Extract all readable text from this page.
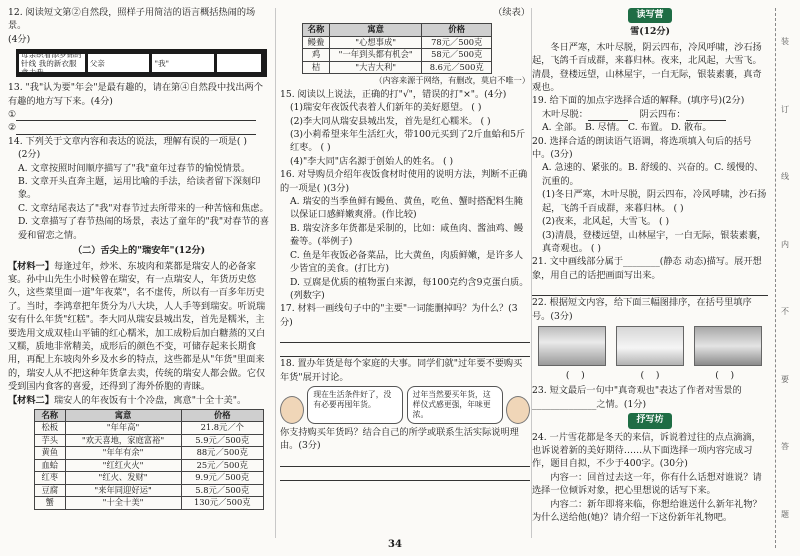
12. 阅读短文第②自然段，照样子用简洁的语言概括热闹的场景。

(4分)

母亲织着添岁锦的针线 我的新衣服拿去我
父亲	"我"

13. "我"认为要"年会"是最有趣的，请在第④自然段中找出两个有趣的地方写下来。(4分)

①

②

14. 下列关于文章内容和表达的说法，理解有误的一项是( )

(2分)

A. 文章按照时间顺序描写了"我"童年过春节的愉悦情景。

B. 文章开头直奔主题，运用比喻的手法，给读者留下深刻印象。

C. 文章结尾表达了"我"对春节过去所带来的一种苦恼和焦虑。

D. 文章描写了春节热闹的场景，表达了童年的"我"对春节的喜爱和留恋之情。

（二）舌尖上的"瑞安年"(12分)

【材料一】每逢过年，炒米、东坡肉和菜都是瑞安人的必备家宴。孙中山先生小时候曾在瑞安，有一点瑞安人，年货历史悠久，这些菜里面一道"年夜菜"，名不虚传，所以有一百多年历史了。当时，李鸿章把年货分为八大块，人人手等到瑞安。听说瑞安有什么年货"红糕"。李大同从瑞安县城出发，首先是糯米，主要选用文成双桂山平铺的红心糯米，加工成粉后加白糖蒸的又白又糯，质地非常精美，成形后的颜色不变，可储存起来长期食用，再配上东坡肉外乡及水乡的特点，这些都是从"年货"里面来的，瑞安人从不把这种年货拿去卖，传统的瑞安人都会做。它仅受到国内食客的喜爱，还得到了海外侨胞的青睐。

【材料二】瑞安人的年夜饭有十个冷盘，寓意"十全十美"。

名称	寓意	价格
松板	"年年高"	21.8元／个
芋头	"欢天喜地，家庭富裕"	5.9元／500克
黄鱼	"年年有余"	88元／500克
血蛤	"红红火火"	25元／500克
红枣	"红火、发财"	9.9元／500克
豆腐	"来年同迎好运"	5.8元／500克
蟹	"十全十美"	130元／500克
（续表）
名称	寓意	价格
鳗鲞	"心想事成"	78元／500克
鸡	"一年到头都有机会"	58元／500克
桔	"大吉大利"	8.6元／500克

（内容来源于网络，有删改，莫启不唯一）

15. 阅读以上说法，正确的打"√"，错误的打"×"。(4分)

(1)瑞安年夜饭代表着人们新年的美好愿望。 ( )

(2)李大同从瑞安县城出发，首先是红心糯米。 ( )

(3)小莉希望来年生活红火，带100元买到了2斤血蛤和5斤红枣。 ( )

(4)"李大同"店名源于创始人的姓名。 ( )

16. 对导购员介绍年夜饭食材时使用的说明方法，判断不正确的一项是( )(3分)

A. 瑞安的当季鱼鲜有鳗鱼、黄鱼，吃鱼、蟹时搭配料生腌以保证口感鲜嫩爽滑。(作比较)

B. 瑞安济多年货都是采制的，比如：咸鱼肉、酱油鸡、鳗鲞等。(举例子)

C. 鱼是年夜饭必备菜品，比大黄鱼，肉质鲜嫩，是许多人少皆宜的美食。(打比方)

D. 豆腐是优质的植物蛋白来源，每100克约含9克蛋白质。(列数字)

17. 材料一画线句子中的"主要"一词能删掉吗？为什么？(3分)

18. 置办年货是每个家庭的大事。同学们就"过年要不要购买年货"展开讨论。

现在生活条件好了，没有必要再囤年货。
过年当然要买年货，这样仪式感更强，年味更浓。

你支持购买年货吗？结合自己的所学或联系生活实际说明理由。(3分)

读写营

雪(12分)

冬日严寒，木叶尽脱，阴云四布，冷风呼啸，沙石扬起，飞鸽千百成群，来暮归林。夜来，北风起，大雪飞。清晨，登楼远望，山林屋宇，一白无际，银装素裹，真奇观也。

19. 给下面的加点字选择合适的解释。(填序号)(2分)

木叶尽脱：	阴云四布：

A. 全部。 B. 尽情。 C. 布置。 D. 散布。

20. 选择合适的朗读语气语调，将选项填入句后的括号中。(3分)

A. 急速的、紧张的。B. 舒缓的、兴奋的。C. 缓慢的、沉重的。

(1)冬日严寒，木叶尽脱，阴云四布，冷风呼啸，沙石扬起，飞鸽千百成群，来暮归林。 ( )

(2)夜来，北风起，大雪飞。 ( )

(3)清晨，登楼远望，山林屋宇，一白无际，银装素裹，真奇观也。 ( )

21. 文中画线部分属于________(静态 动态)描写。展开想象，用自己的话把画面写出来。

22. 根据短文内容，给下面三幅图排序，在括号里填序号。(3分)

(    )	(    )	(    )

23. 短文最后一句中"真奇观也"表达了作者对雪景的______________之情。(1分)

抒写坊

24. 一片雪花都是冬天的来信，诉说着过往的点点滴滴，也诉说着新的美好期待……从下面选择一项内容完成习作，题目自拟，不少于400字。(30分)

内容一：回首过去这一年，你有什么话想对谁说？请选择一位倾诉对象，把心里想说的话写下来。

内容二：新年即将来临，你想给谁送什么新年礼物？为什么送给他(她)？请介绍一下这份新年礼物吧。

装
订
线
内
不
要
答
题
34
